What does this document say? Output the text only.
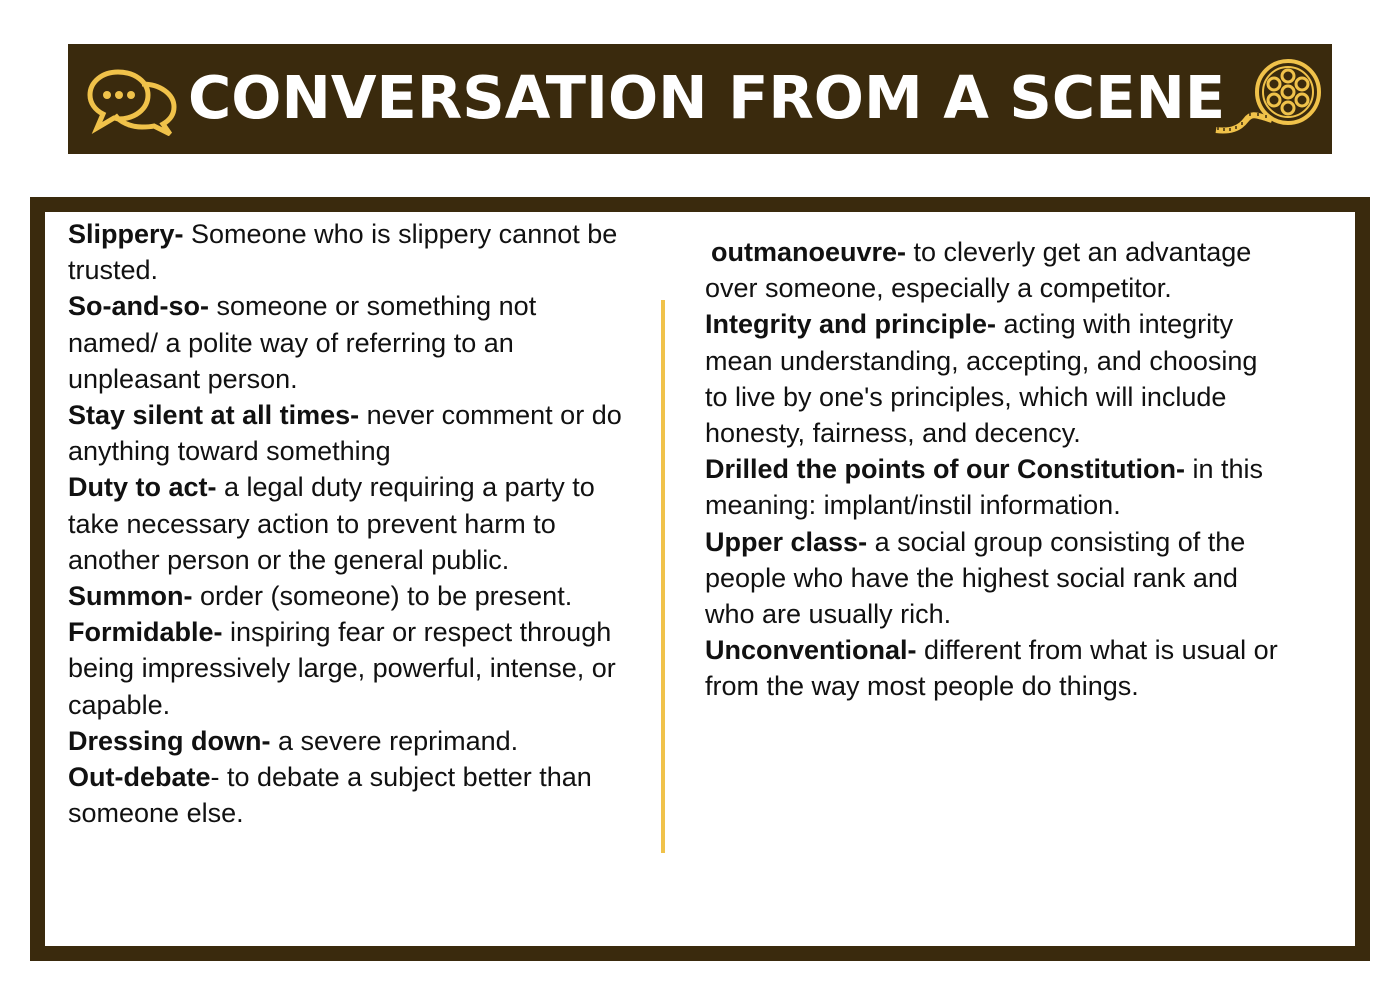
CONVERSATION FROM A SCENE

Slippery- Someone who is slippery cannot be trusted.

So-and-so- someone or something not named/ a polite way of referring to an unpleasant person.

Stay silent at all times- never comment or do anything toward something

Duty to act- a legal duty requiring a party to take necessary action to prevent harm to another person or the general public.

Summon- order (someone) to be present.

Formidable- inspiring fear or respect through being impressively large, powerful, intense, or capable.

Dressing down- a severe reprimand.

Out-debate- to debate a subject better than someone else.

outmanoeuvre- to cleverly get an advantage over someone, especially a competitor.

Integrity and principle- acting with integrity mean understanding, accepting, and choosing to live by one's principles, which will include honesty, fairness, and decency.

Drilled the points of our Constitution- in this meaning: implant/instil information.

Upper class- a social group consisting of the people who have the highest social rank and who are usually rich.

Unconventional- different from what is usual or from the way most people do things.
